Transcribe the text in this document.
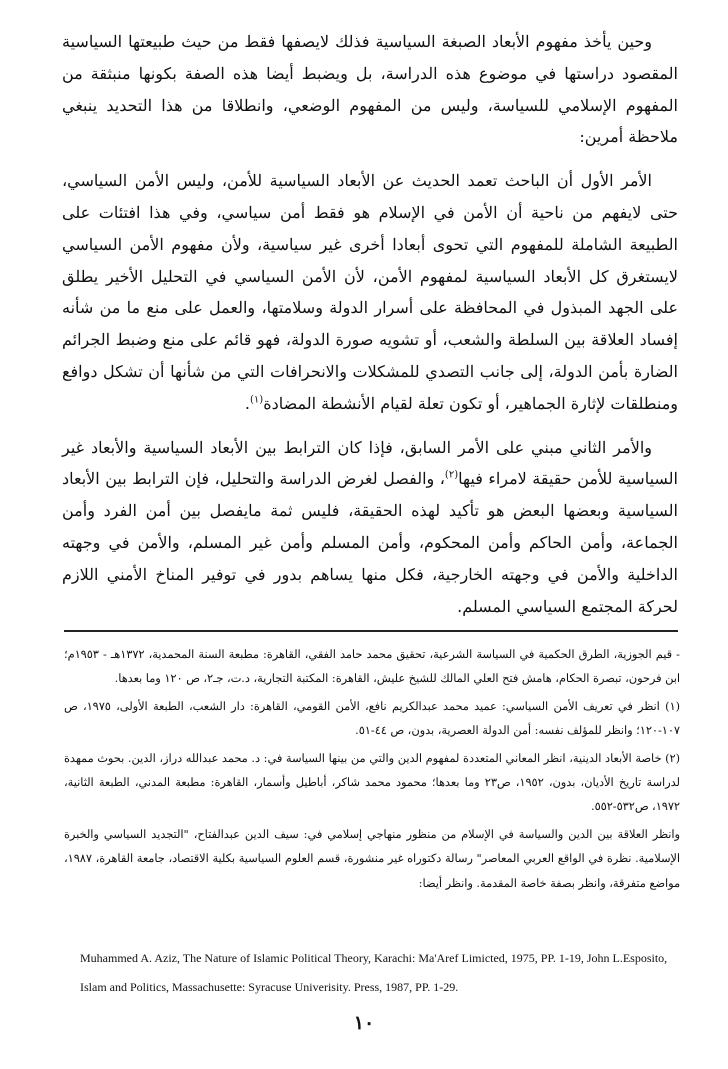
وحين يأخذ مفهوم الأبعاد الصبغة السياسية فذلك لايصفها فقط من حيث طبيعتها السياسية المقصود دراستها في موضوع هذه الدراسة، بل ويضبط أيضا هذه الصفة بكونها منبثقة من المفهوم الإسلامي للسياسة، وليس من المفهوم الوضعي، وانطلاقا من هذا التحديد ينبغي ملاحظة أمرين:

الأمر الأول أن الباحث تعمد الحديث عن الأبعاد السياسية للأمن، وليس الأمن السياسي، حتى لايفهم من ناحية أن الأمن في الإسلام هو فقط أمن سياسي، وفي هذا افتئات على الطبيعة الشاملة للمفهوم التي تحوى أبعادا أخرى غير سياسية، ولأن مفهوم الأمن السياسي لايستغرق كل الأبعاد السياسية لمفهوم الأمن، لأن الأمن السياسي في التحليل الأخير يطلق على الجهد المبذول في المحافظة على أسرار الدولة وسلامتها، والعمل على منع ما من شأنه إفساد العلاقة بين السلطة والشعب، أو تشويه صورة الدولة، فهو قائم على منع وضبط الجرائم الضارة بأمن الدولة، إلى جانب التصدي للمشكلات والانحرافات التي من شأنها أن تشكل دوافع ومنطلقات لإثارة الجماهير، أو تكون تعلة لقيام الأنشطة المضادة$^{(١)}$.

والأمر الثاني مبني على الأمر السابق، فإذا كان الترابط بين الأبعاد السياسية والأبعاد غير السياسية للأمن حقيقة لامراء فيها$^{(٢)}$، والفصل لغرض الدراسة والتحليل، فإن الترابط بين الأبعاد السياسية وبعضها البعض هو تأكيد لهذه الحقيقة، فليس ثمة مايفصل بين أمن الفرد وأمن الجماعة، وأمن الحاكم وأمن المحكوم، وأمن المسلم وأمن غير المسلم، والأمن في وجهته الداخلية والأمن في وجهته الخارجية، فكل منها يساهم بدور في توفير المناخ الأمني اللازم لحركة المجتمع السياسي المسلم.

- قيم الجوزية، الطرق الحكمية في السياسة الشرعية، تحقيق محمد حامد الفقي، القاهرة: مطبعة السنة المحمدية، ١٣٧٢هـ - ١٩٥٣م؛ ابن فرحون، تبصرة الحكام، هامش فتح العلي المالك للشيخ عليش، القاهرة: المكتبة التجارية، د.ت، جـ٢، ص ١٢٠ وما بعدها.

(١) انظر في تعريف الأمن السياسي: عميد محمد عبدالكريم نافع، الأمن القومي، القاهرة: دار الشعب، الطبعة الأولى، ١٩٧٥، ص ١٠٧-١٢٠؛ وانظر للمؤلف نفسه: أمن الدولة العصرية، بدون، ص ٤٤-٥١.

(٢) خاصة الأبعاد الدينية، انظر المعاني المتعددة لمفهوم الدين والتي من بينها السياسة في: د. محمد عبدالله دراز، الدين. بحوث ممهدة لدراسة تاريخ الأديان، بدون، ١٩٥٢، ص٢٣ وما بعدها؛ محمود محمد شاكر، أباطيل وأسمار، القاهرة: مطبعة المدني، الطبعة الثانية، ١٩٧٢، ص٥٣٢-٥٥٢.

وانظر العلاقة بين الدين والسياسة في الإسلام من منظور منهاجي إسلامي في: سيف الدين عبدالفتاح، "التجديد السياسي والخبرة الإسلامية. نظرة في الواقع العربي المعاصر" رسالة دكتوراه غير منشورة، قسم العلوم السياسية بكلية الاقتصاد، جامعة القاهرة، ١٩٨٧، مواضع متفرقة، وانظر بصفة خاصة المقدمة. وانظر أيضا:

Muhammed A. Aziz, The Nature of Islamic Political Theory, Karachi: Ma'Aref Limicted, 1975, PP. 1-19, John L.Esposito, Islam and Politics, Massachusette: Syracuse Univerisity. Press, 1987, PP. 1-29.
١٠
